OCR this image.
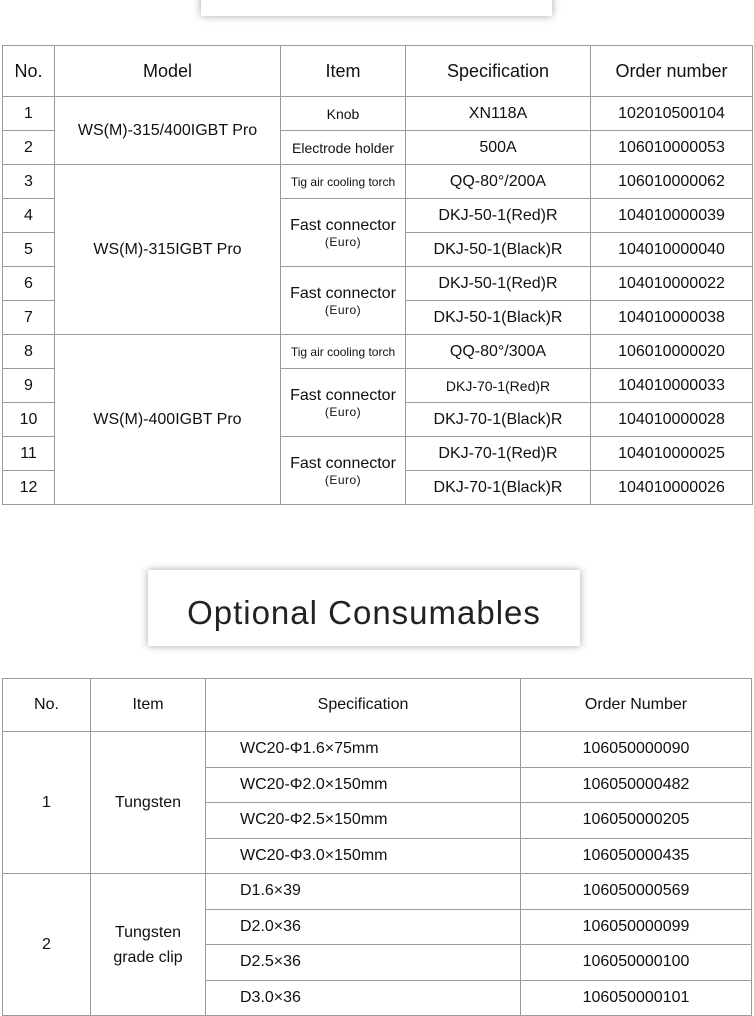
No.	Model	Item	Specification	Order number
1	WS(M)-315/400IGBT Pro	Knob	XN118A	102010500104
2		Electrode holder	500A	106010000053
3	WS(M)-315IGBT Pro	Tig air cooling torch	QQ-80°/200A	106010000062
4		Fast connector
(Euro)	DKJ-50-1(Red)R	104010000039
5			DKJ-50-1(Black)R	104010000040
6		Fast connector
(Euro)	DKJ-50-1(Red)R	104010000022
7			DKJ-50-1(Black)R	104010000038
8	WS(M)-400IGBT Pro	Tig air cooling torch	QQ-80°/300A	106010000020
9		Fast connector
(Euro)	DKJ-70-1(Red)R	104010000033
10			DKJ-70-1(Black)R	104010000028
11		Fast connector
(Euro)	DKJ-70-1(Red)R	104010000025
12			DKJ-70-1(Black)R	104010000026
Optional Consumables
No.	Item	Specification	Order Number
1	Tungsten	WC20-Φ1.6×75mm	106050000090
		WC20-Φ2.0×150mm	106050000482
		WC20-Φ2.5×150mm	106050000205
		WC20-Φ3.0×150mm	106050000435
2	Tungsten
grade clip	D1.6×39	106050000569
		D2.0×36	106050000099
		D2.5×36	106050000100
		D3.0×36	106050000101
